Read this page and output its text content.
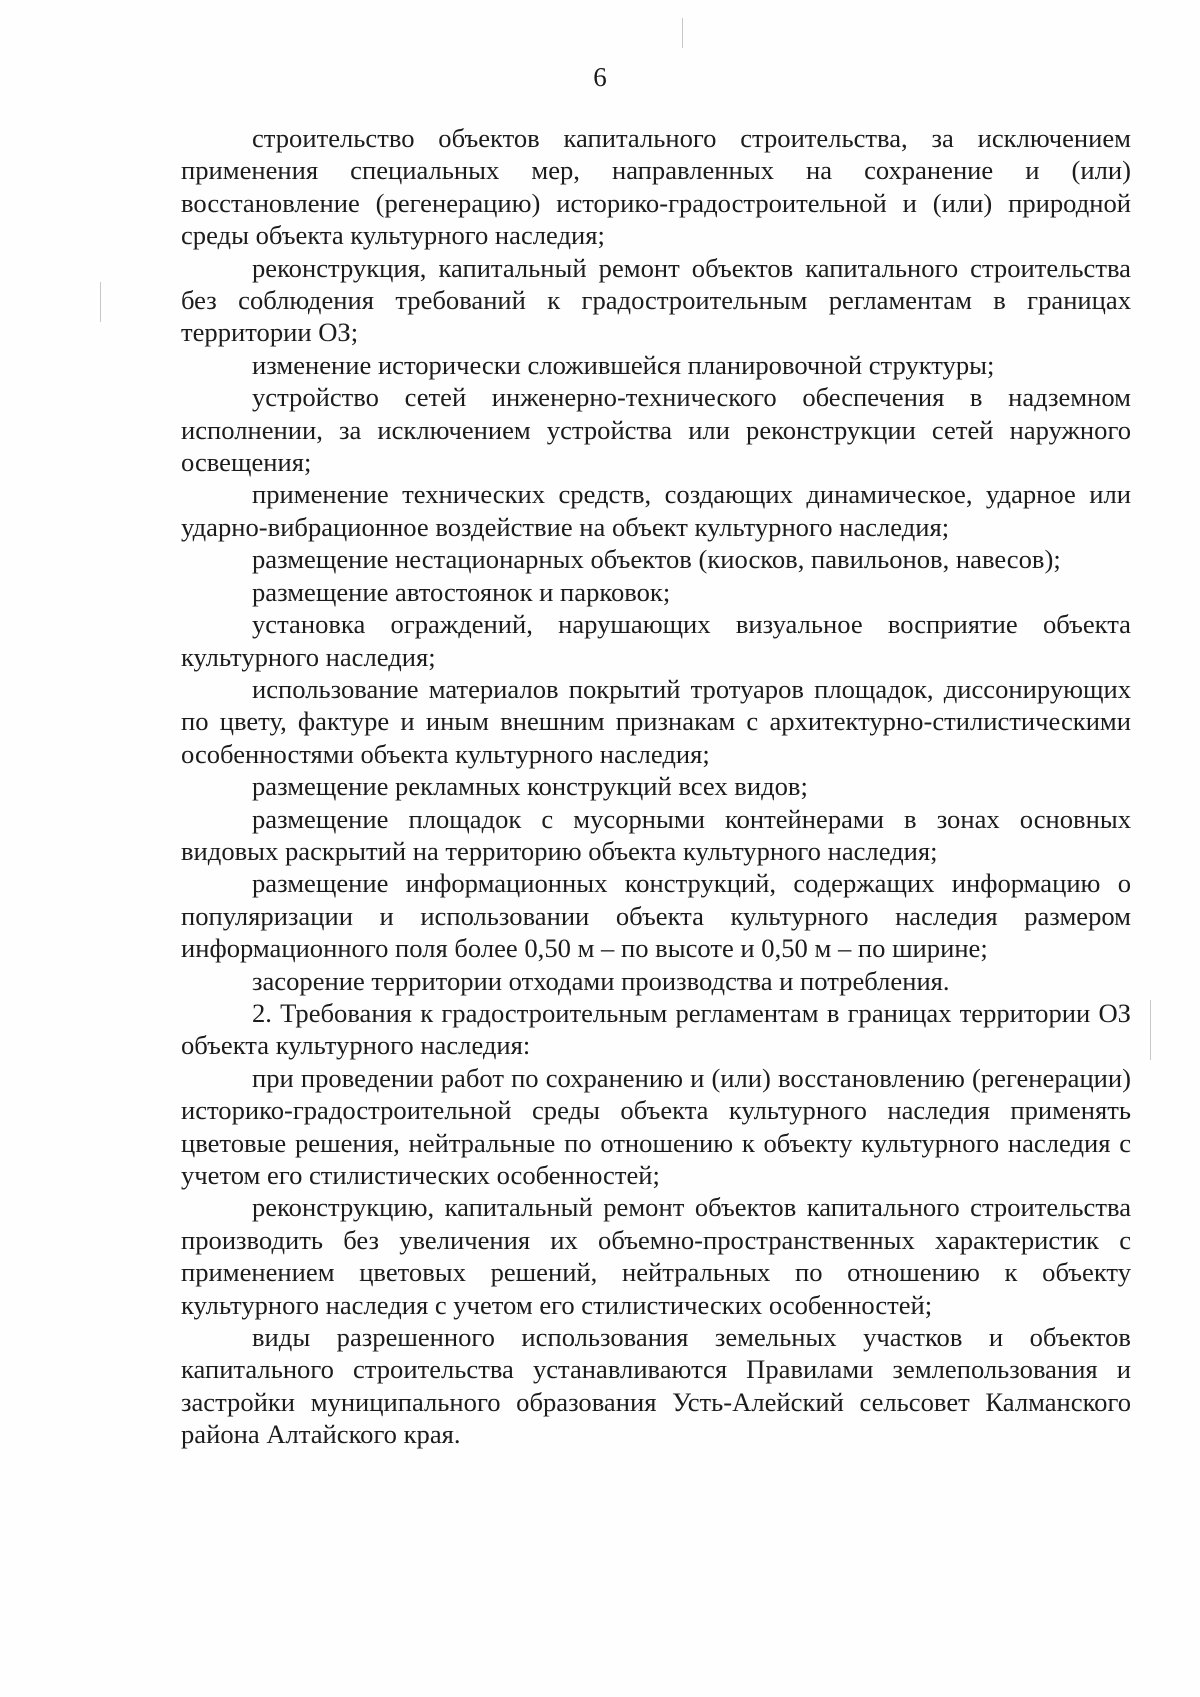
6

строительство объектов капитального строительства, за исключением применения специальных мер, направленных на сохранение и (или) восстановление (регенерацию) историко-градостроительной и (или) природной среды объекта культурного наследия;

реконструкция, капитальный ремонт объектов капитального строительства без соблюдения требований к градостроительным регламентам в границах территории ОЗ;

изменение исторически сложившейся планировочной структуры;

устройство сетей инженерно-технического обеспечения в надземном исполнении, за исключением устройства или реконструкции сетей наружного освещения;

применение технических средств, создающих динамическое, ударное или ударно-вибрационное воздействие на объект культурного наследия;

размещение нестационарных объектов (киосков, павильонов, навесов);

размещение автостоянок и парковок;

установка ограждений, нарушающих визуальное восприятие объекта культурного наследия;

использование материалов покрытий тротуаров площадок, диссонирующих по цвету, фактуре и иным внешним признакам с архитектурно-стилистическими особенностями объекта культурного наследия;

размещение рекламных конструкций всех видов;

размещение площадок с мусорными контейнерами в зонах основных видовых раскрытий на территорию объекта культурного наследия;

размещение информационных конструкций, содержащих информацию о популяризации и использовании объекта культурного наследия размером информационного поля более 0,50 м – по высоте и 0,50 м – по ширине;

засорение территории отходами производства и потребления.

2. Требования к градостроительным регламентам в границах территории ОЗ объекта культурного наследия:

при проведении работ по сохранению и (или) восстановлению (регенерации) историко-градостроительной среды объекта культурного наследия применять цветовые решения, нейтральные по отношению к объекту культурного наследия с учетом его стилистических особенностей;

реконструкцию, капитальный ремонт объектов капитального строительства производить без увеличения их объемно-пространственных характеристик с применением цветовых решений, нейтральных по отношению к объекту культурного наследия с учетом его стилистических особенностей;

виды разрешенного использования земельных участков и объектов капитального строительства устанавливаются Правилами землепользования и застройки муниципального образования Усть-Алейский сельсовет Калманского района Алтайского края.
